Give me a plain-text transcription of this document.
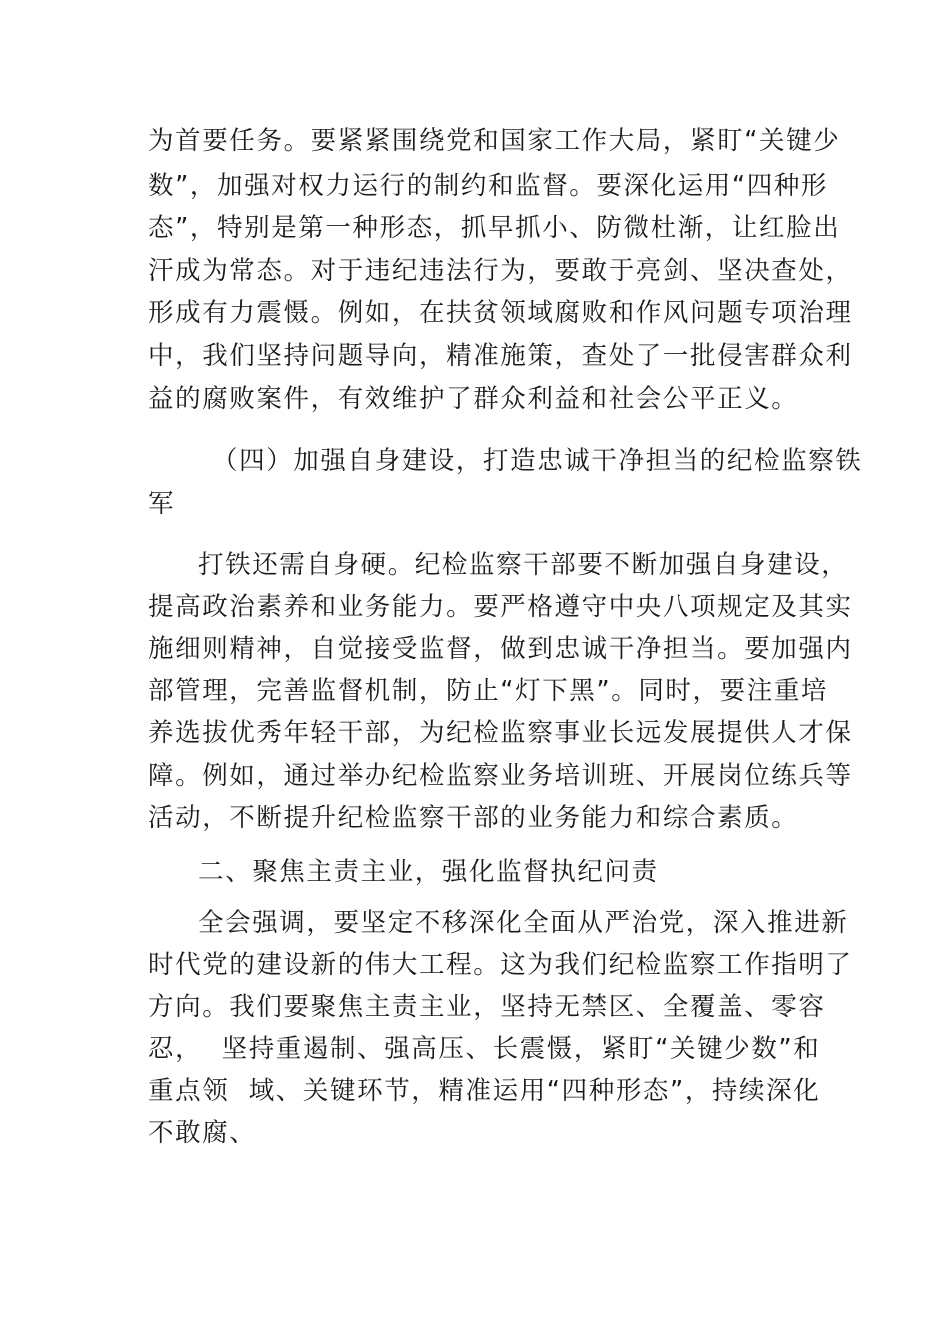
为首要任务。要紧紧围绕党和国家工作大局，紧盯“关键少

数”，加强对权力运行的制约和监督。要深化运用“四种形

态”，特别是第一种形态，抓早抓小、防微杜渐，让红脸出

汗成为常态。对于违纪违法行为，要敢于亮剑、坚决查处，

形成有力震慑。例如，在扶贫领域腐败和作风问题专项治理

中，我们坚持问题导向，精准施策，查处了一批侵害群众利

益的腐败案件，有效维护了群众利益和社会公平正义。

（四）加强自身建设，打造忠诚干净担当的纪检监察铁

军

打铁还需自身硬。纪检监察干部要不断加强自身建设，

提高政治素养和业务能力。要严格遵守中央八项规定及其实

施细则精神，自觉接受监督，做到忠诚干净担当。要加强内

部管理，完善监督机制，防止“灯下黑”。同时，要注重培

养选拔优秀年轻干部，为纪检监察事业长远发展提供人才保

障。例如，通过举办纪检监察业务培训班、开展岗位练兵等

活动，不断提升纪检监察干部的业务能力和综合素质。

二、聚焦主责主业，强化监督执纪问责

全会强调，要坚定不移深化全面从严治党，深入推进新

时代党的建设新的伟大工程。这为我们纪检监察工作指明了

方向。我们要聚焦主责主业，坚持无禁区、全覆盖、零容

忍，  坚持重遏制、强高压、长震慑，紧盯“关键少数”和

重点领  域、关键环节，精准运用“四种形态”，持续深化

不敢腐、
